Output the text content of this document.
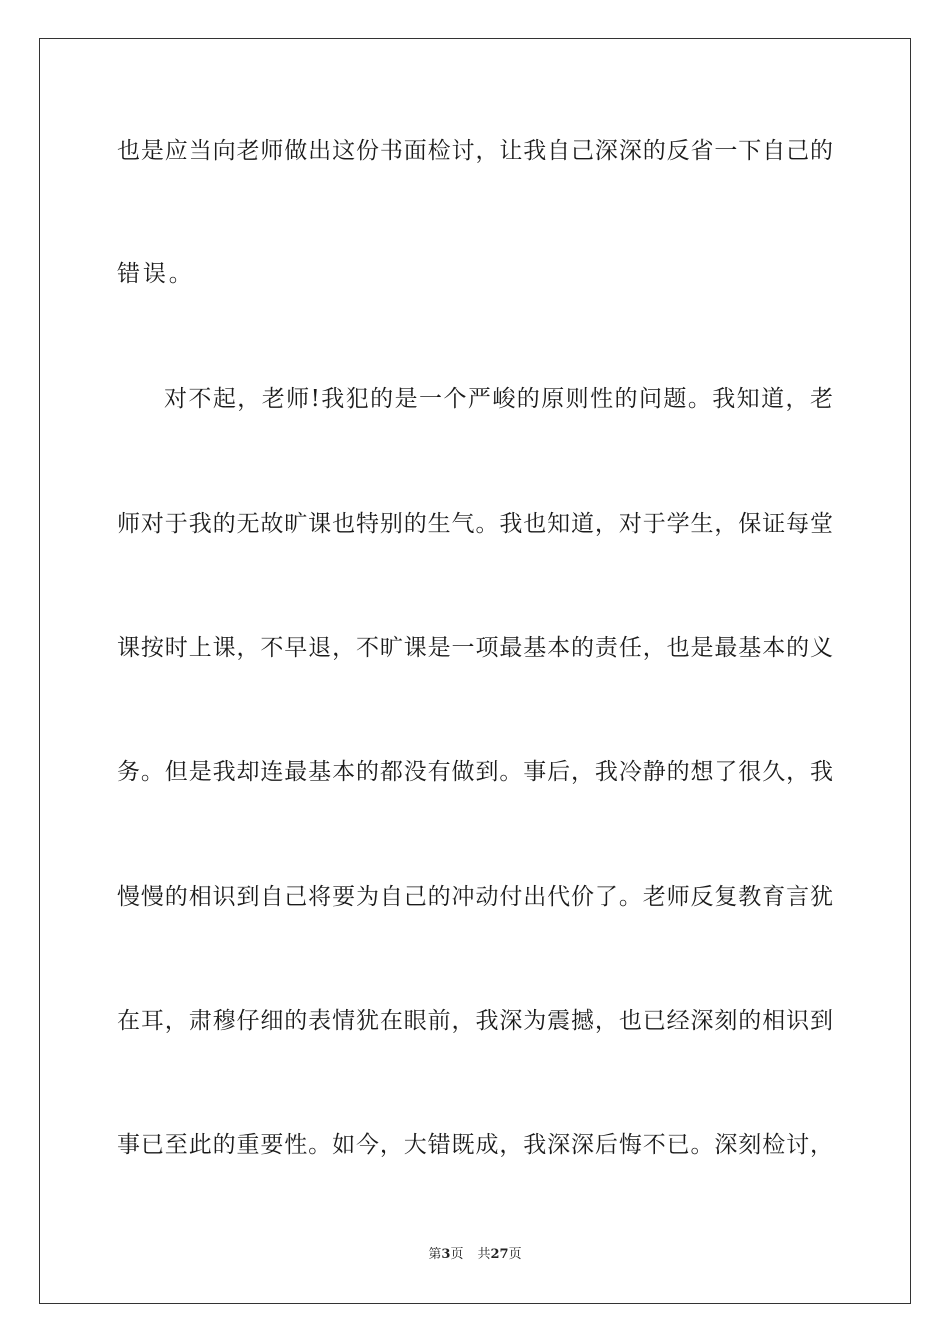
也是应当向老师做出这份书面检讨，让我自己深深的反省一下自己的
错误。
对不起，老师!我犯的是一个严峻的原则性的问题。我知道，老
师对于我的无故旷课也特别的生气。我也知道，对于学生，保证每堂
课按时上课，不早退，不旷课是一项最基本的责任，也是最基本的义
务。但是我却连最基本的都没有做到。事后，我冷静的想了很久，我
慢慢的相识到自己将要为自己的冲动付出代价了。老师反复教育言犹
在耳，肃穆仔细的表情犹在眼前，我深为震撼，也已经深刻的相识到
事已至此的重要性。如今，大错既成，我深深后悔不已。深刻检讨，
第3页 共27页
